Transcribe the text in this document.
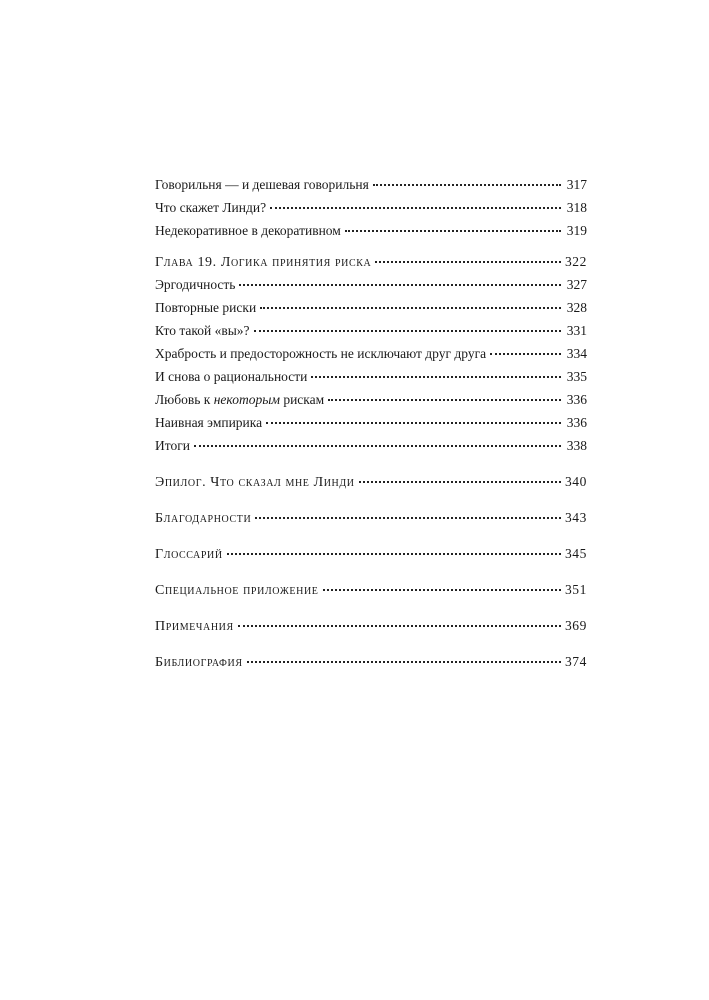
Говорильня — и дешевая говорильня	317
Что скажет Линди?	318
Недекоративное в декоративном	319
Глава 19. Логика принятия риска	322
Эргодичность	327
Повторные риски	328
Кто такой «вы»?	331
Храбрость и предосторожность не исключают друг друга	334
И снова о рациональности	335
Любовь к некоторым рискам	336
Наивная эмпирика	336
Итоги	338
Эпилог. Что сказал мне Линди	340
Благодарности	343
Глоссарий	345
Специальное приложение	351
Примечания	369
Библиография	374
